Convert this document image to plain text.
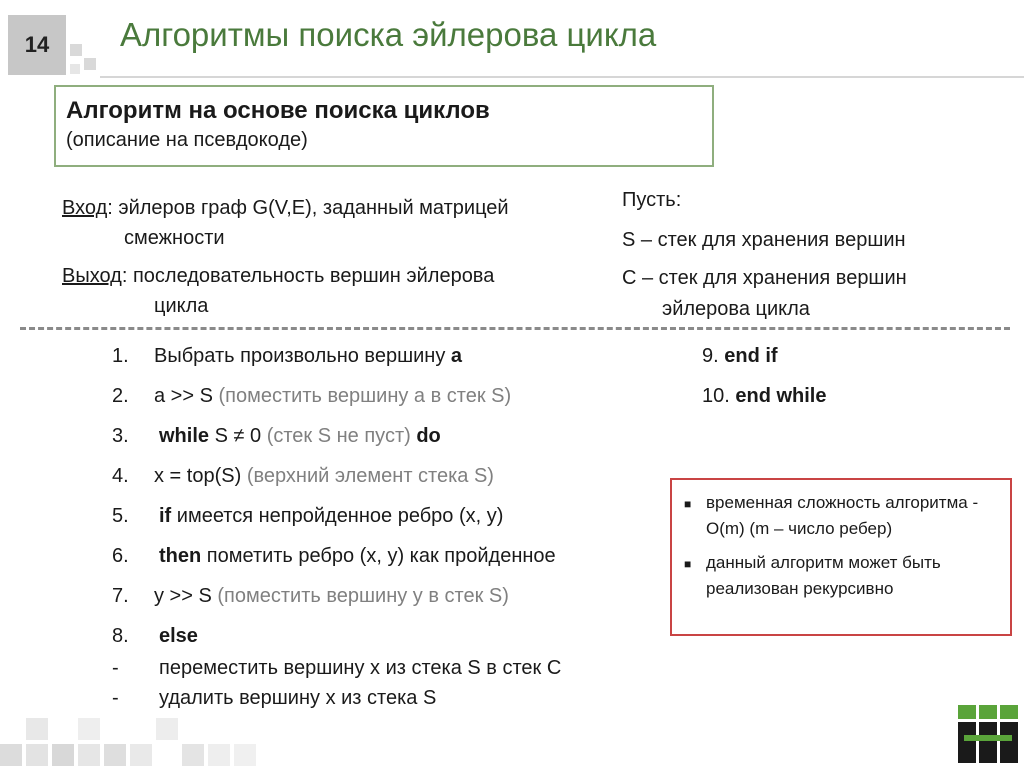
14	Алгоритмы поиска эйлерова цикла
Алгоритм на основе поиска циклов
(описание на псевдокоде)
Вход: эйлеров граф G(V,E), заданный матрицей
смежности
Выход: последовательность вершин эйлерова
цикла
Пусть:
S – стек для хранения вершин
C – стек для хранения вершин
эйлерова цикла
1.	Выбрать произвольно вершину a
2.	a >> S (поместить вершину а в стек S)
3.	while S ≠ 0 (стек S не пуст) do
4.	x = top(S) (верхний элемент стека S)
5.	if имеется непройденное ребро (x, y)
6.	then пометить ребро (x, y) как пройденное
7.	y >> S (поместить вершину у в стек S)
8.	else
-	переместить вершину х из стека S в стек C
-	удалить вершину х из стека S
9. end if
10. end while
■ временная сложность алгоритма - O(m) (m – число ребер)
■ данный алгоритм может быть реализован рекурсивно
